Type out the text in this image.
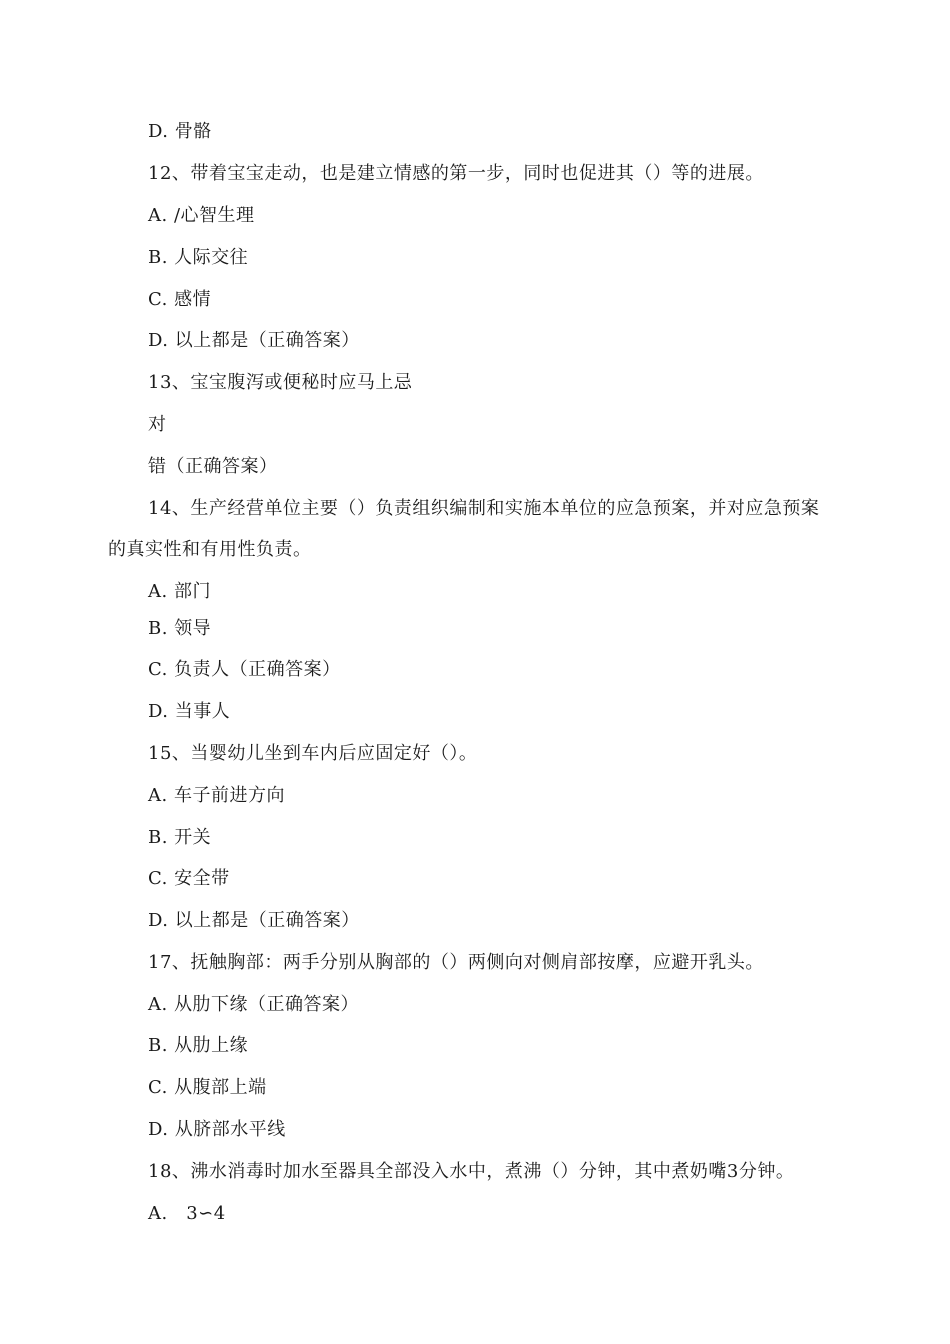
D. 骨骼
12、带着宝宝走动，也是建立情感的第一步，同时也促进其（）等的进展。
A. /心智生理
B. 人际交往
C. 感情
D. 以上都是（正确答案）
13、宝宝腹泻或便秘时应马上忌
对
错（正确答案）
14、生产经营单位主要（）负责组织编制和实施本单位的应急预案，并对应急预案
的真实性和有用性负责。
A. 部门
B. 领导
C. 负责人（正确答案）
D. 当事人
15、当婴幼儿坐到车内后应固定好（）。
A. 车子前进方向
B. 开关
C. 安全带
D. 以上都是（正确答案）
17、抚触胸部：两手分别从胸部的（）两侧向对侧肩部按摩，应避开乳头。
A. 从肋下缘（正确答案）
B. 从肋上缘
C. 从腹部上端
D. 从脐部水平线
18、沸水消毒时加水至器具全部没入水中，煮沸（）分钟，其中煮奶嘴3分钟。
A.　3∽4
